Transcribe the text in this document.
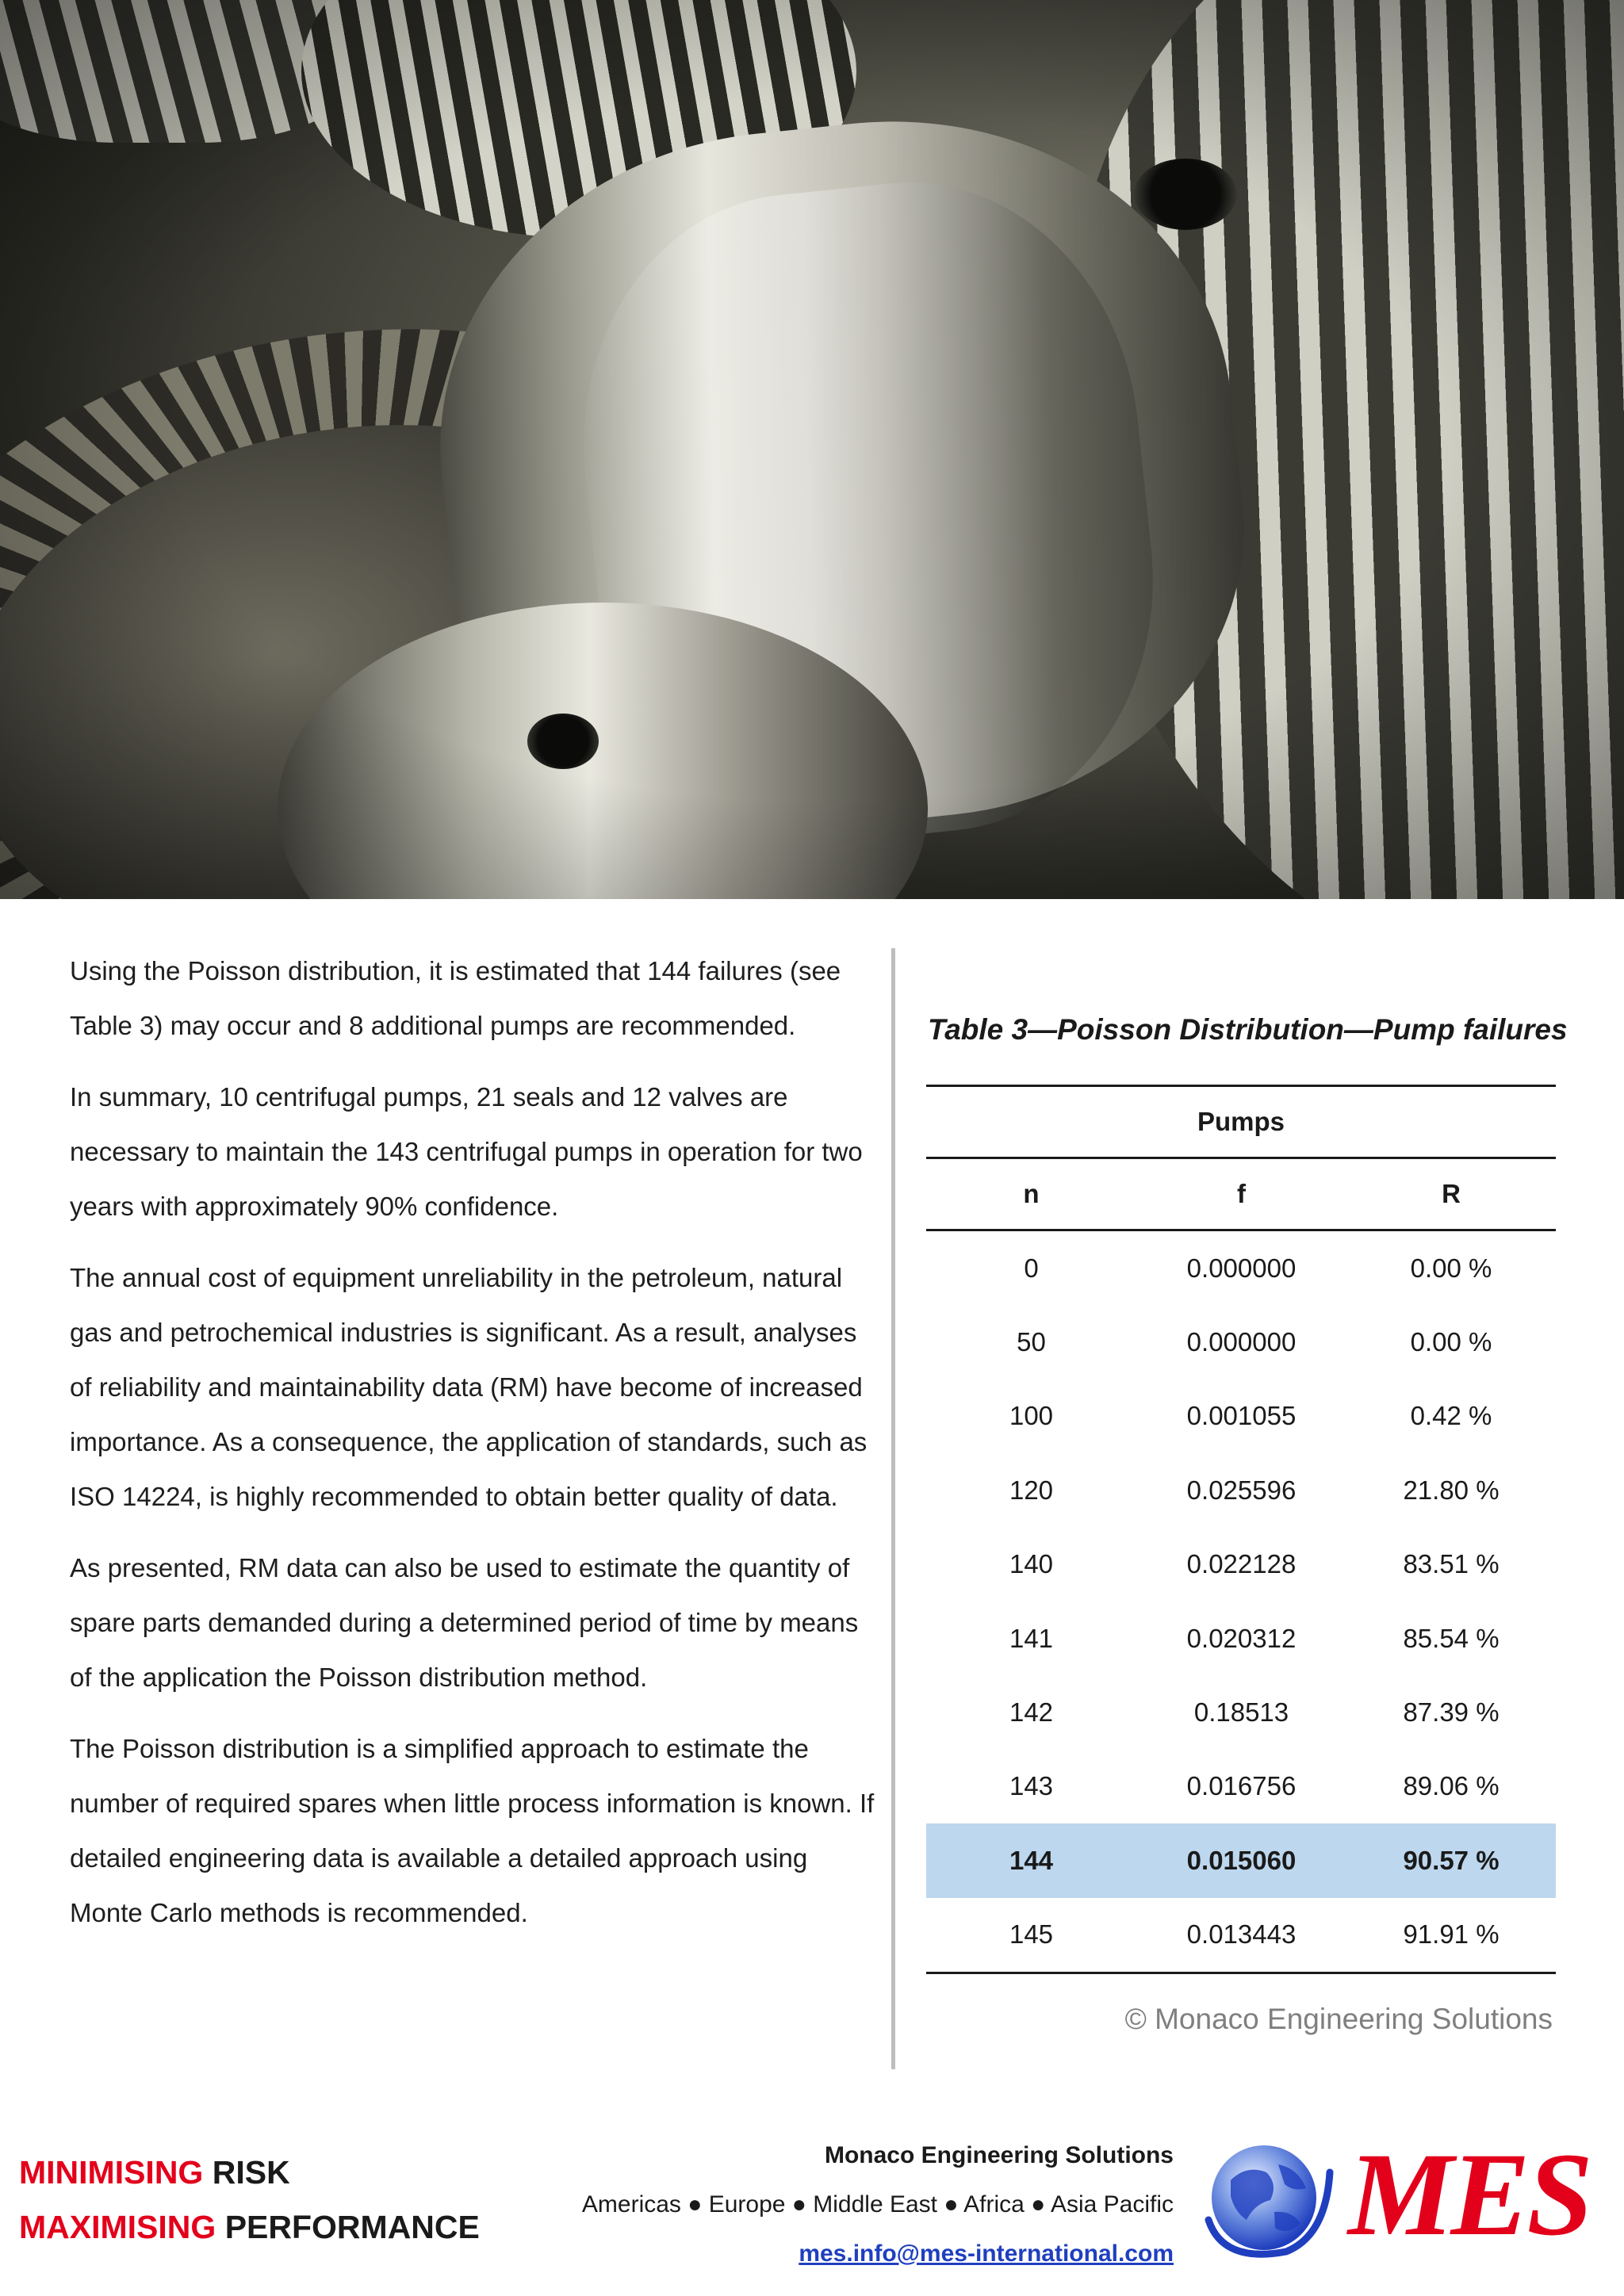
Using the Poisson distribution, it is estimated that 144 failures (see Table 3) may occur and 8 additional pumps are recommended.

In summary, 10 centrifugal pumps, 21 seals and 12 valves are necessary to maintain the 143 centrifugal pumps in operation for two years with approximately 90% confidence.

The annual cost of equipment unreliability in the petroleum, natural gas and petrochemical industries is significant. As a result, analyses of reliability and maintainability data (RM) have become of increased importance. As a consequence, the application of standards, such as ISO 14224, is highly recommended to obtain better quality of data.

As presented, RM data can also be used to estimate the quantity of spare parts demanded during a determined period of time by means of the application the Poisson distribution method.

The Poisson distribution is a simplified approach to estimate the number of required spares when little process information is known. If detailed engineering data is available a detailed approach using Monte Carlo methods is recommended.

Table 3—Poisson Distribution—Pump failures
Pumps		
n	f	R
0	0.000000	0.00 %
50	0.000000	0.00 %
100	0.001055	0.42 %
120	0.025596	21.80 %
140	0.022128	83.51 %
141	0.020312	85.54 %
142	0.18513	87.39 %
143	0.016756	89.06 %
144	0.015060	90.57 %
145	0.013443	91.91 %
© Monaco Engineering Solutions
MINIMISING RISK
MAXIMISING PERFORMANCE
Monaco Engineering Solutions
Americas ● Europe ● Middle East ● Africa ● Asia Pacific
mes.info@mes-international.com MES
